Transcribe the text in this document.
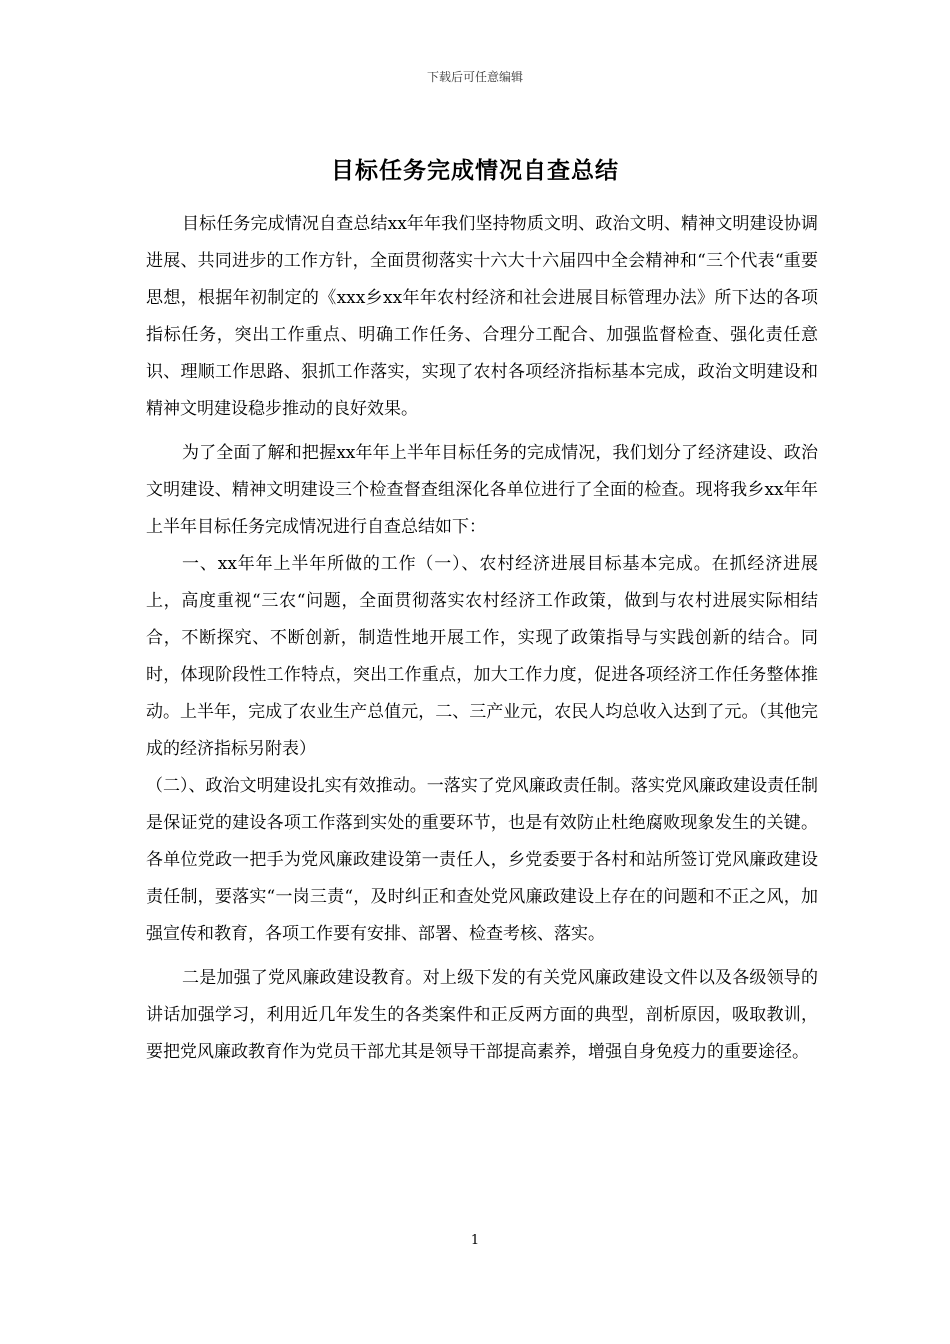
下载后可任意编辑
目标任务完成情况自查总结

目标任务完成情况自查总结xx年年我们坚持物质文明、政治文明、精神文明建设协调进展、共同进步的工作方针，全面贯彻落实十六大十六届四中全会精神和“三个代表“重要思想，根据年初制定的《xxx乡xx年年农村经济和社会进展目标管理办法》所下达的各项指标任务，突出工作重点、明确工作任务、合理分工配合、加强监督检查、强化责任意识、理顺工作思路、狠抓工作落实，实现了农村各项经济指标基本完成，政治文明建设和精神文明建设稳步推动的良好效果。

为了全面了解和把握xx年年上半年目标任务的完成情况，我们划分了经济建设、政治文明建设、精神文明建设三个检查督查组深化各单位进行了全面的检查。现将我乡xx年年上半年目标任务完成情况进行自查总结如下：

一、xx年年上半年所做的工作（一）、农村经济进展目标基本完成。在抓经济进展上，高度重视“三农“问题，全面贯彻落实农村经济工作政策，做到与农村进展实际相结合，不断探究、不断创新，制造性地开展工作，实现了政策指导与实践创新的结合。同时，体现阶段性工作特点，突出工作重点，加大工作力度，促进各项经济工作任务整体推动。上半年，完成了农业生产总值元，二、三产业元，农民人均总收入达到了元。（其他完成的经济指标另附表）

（二）、政治文明建设扎实有效推动。一落实了党风廉政责任制。落实党风廉政建设责任制是保证党的建设各项工作落到实处的重要环节，也是有效防止杜绝腐败现象发生的关键。各单位党政一把手为党风廉政建设第一责任人，乡党委要于各村和站所签订党风廉政建设责任制，要落实“一岗三责“，及时纠正和查处党风廉政建设上存在的问题和不正之风，加强宣传和教育，各项工作要有安排、部署、检查考核、落实。

二是加强了党风廉政建设教育。对上级下发的有关党风廉政建设文件以及各级领导的讲话加强学习，利用近几年发生的各类案件和正反两方面的典型，剖析原因，吸取教训，要把党风廉政教育作为党员干部尤其是领导干部提高素养，增强自身免疫力的重要途径。

1
